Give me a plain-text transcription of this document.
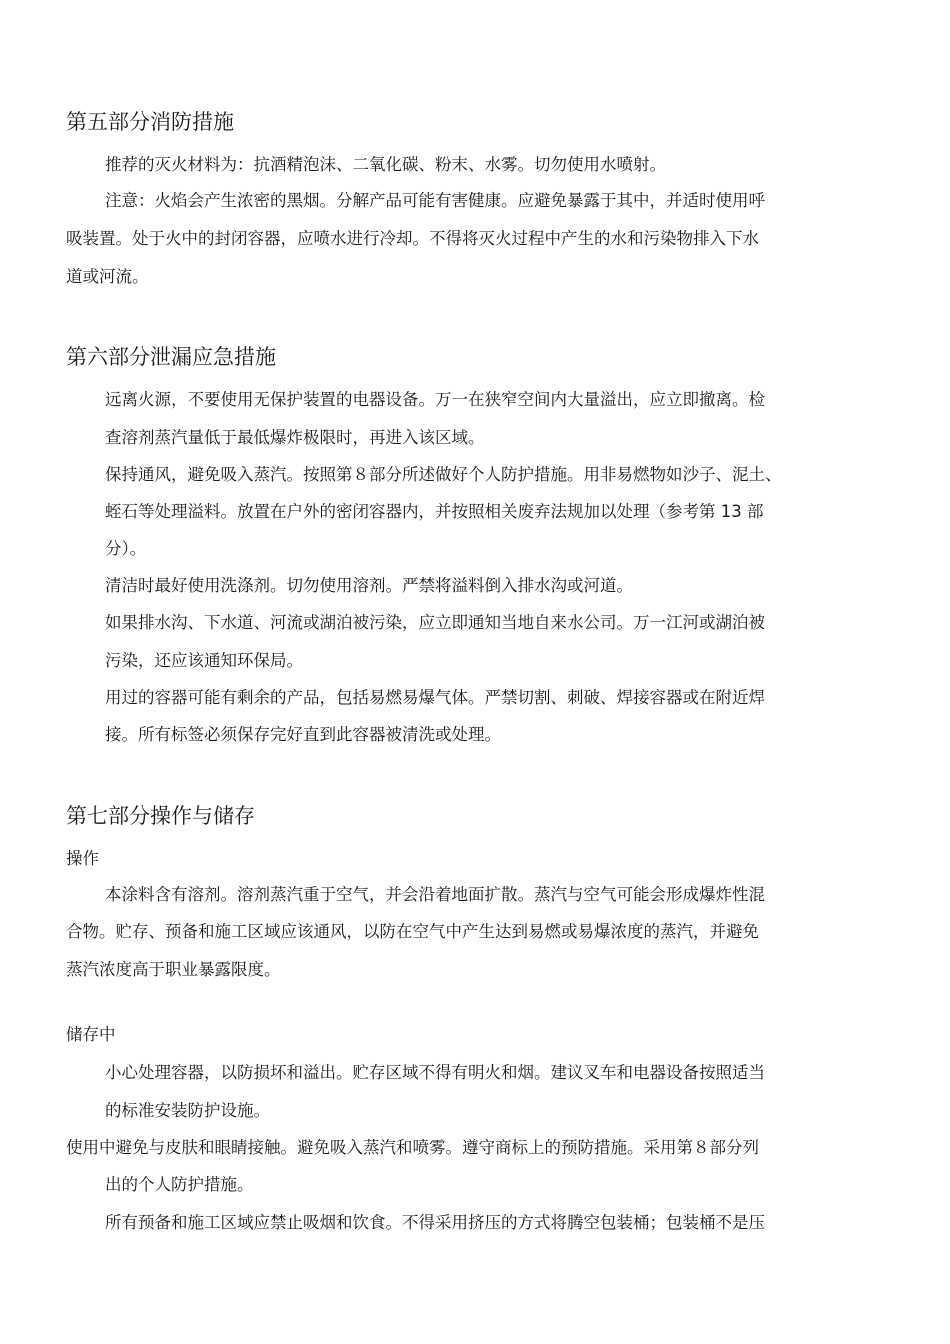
第五部分消防措施

推荐的灭火材料为：抗酒精泡沫、二氧化碳、粉末、水雾。切勿使用水喷射。

注意：火焰会产生浓密的黑烟。分解产品可能有害健康。应避免暴露于其中，并适时使用呼

吸装置。处于火中的封闭容器，应喷水进行冷却。不得将灭火过程中产生的水和污染物排入下水

道或河流。

第六部分泄漏应急措施

远离火源，不要使用无保护装置的电器设备。万一在狭窄空间内大量溢出，应立即撤离。检

查溶剂蒸汽量低于最低爆炸极限时，再进入该区域。

保持通风，避免吸入蒸汽。按照第８部分所述做好个人防护措施。用非易燃物如沙子、泥土、

蛭石等处理溢料。放置在户外的密闭容器内，并按照相关废弃法规加以处理（参考第 13 部

分）。

清洁时最好使用洗涤剂。切勿使用溶剂。严禁将溢料倒入排水沟或河道。

如果排水沟、下水道、河流或湖泊被污染，应立即通知当地自来水公司。万一江河或湖泊被

污染，还应该通知环保局。

用过的容器可能有剩余的产品，包括易燃易爆气体。严禁切割、刺破、焊接容器或在附近焊

接。所有标签必须保存完好直到此容器被清洗或处理。

第七部分操作与储存

操作

本涂料含有溶剂。溶剂蒸汽重于空气，并会沿着地面扩散。蒸汽与空气可能会形成爆炸性混

合物。贮存、预备和施工区域应该通风，以防在空气中产生达到易燃或易爆浓度的蒸汽，并避免

蒸汽浓度高于职业暴露限度。

储存中

小心处理容器，以防损坏和溢出。贮存区域不得有明火和烟。建议叉车和电器设备按照适当

的标准安装防护设施。

使用中避免与皮肤和眼睛接触。避免吸入蒸汽和喷雾。遵守商标上的预防措施。采用第８部分列

出的个人防护措施。

所有预备和施工区域应禁止吸烟和饮食。不得采用挤压的方式将腾空包装桶；包装桶不是压
